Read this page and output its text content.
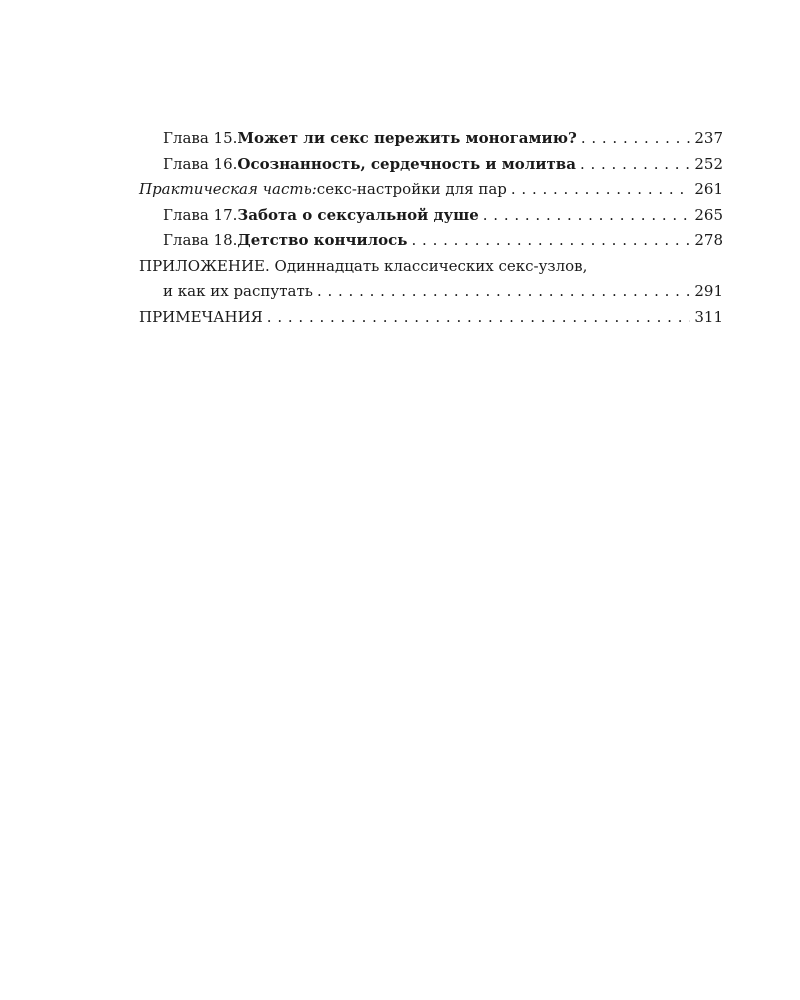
Глава 15. Может ли секс пережить моногамию? . . .	237
Глава 16. Осознанность, сердечность и молитва . . .	252
Практическая часть: секс-настройки для пар . . .	261
Глава 17. Забота о сексуальной душе . . .	265
Глава 18. Детство кончилось . . .	278
ПРИЛОЖЕНИЕ. Одиннадцать классических секс-узлов,
и как их распутать . . .	291
ПРИМЕЧАНИЯ . . .	311
